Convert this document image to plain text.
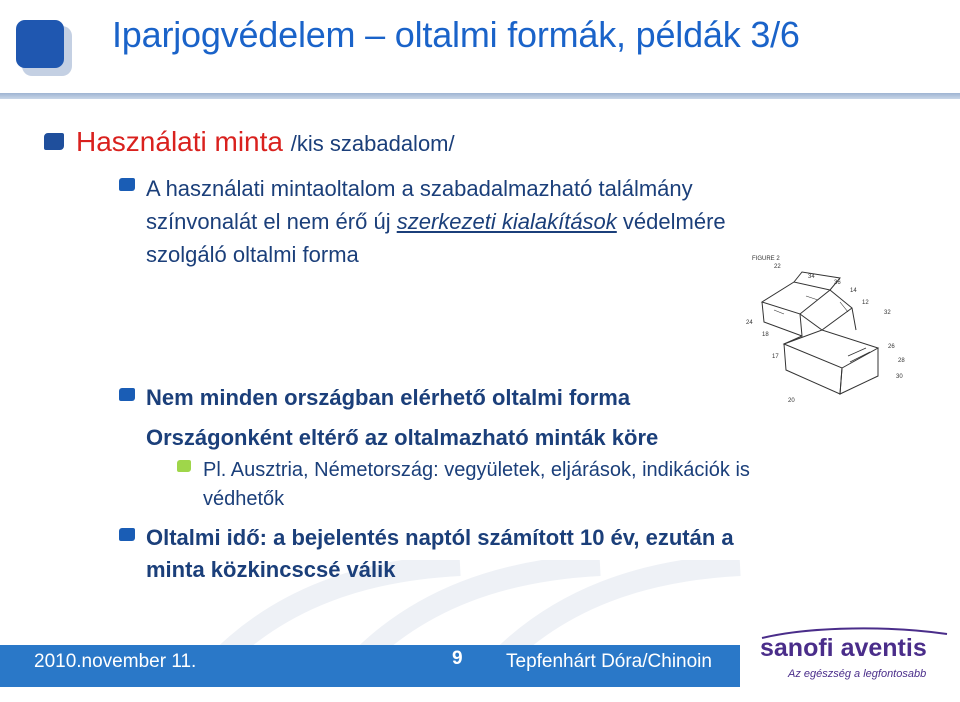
Iparjogvédelem – oltalmi formák, példák 3/6
Használati minta /kis szabadalom/
A használati mintaoltalom a szabadalmazható találmány
színvonalát el nem érő új szerkezeti kialakítások védelmére
szolgáló oltalmi forma	FIGURE 2
22
36
14
12
32
24
18
26
20
28
30
17
34
Nem minden országban elérhető oltalmi forma
Országonként eltérő az oltalmazható minták köre
Pl. Ausztria, Németország: vegyületek, eljárások, indikációk is
védhetők
Oltalmi idő: a bejelentés naptól számított 10 év, ezután a
minta közkincscsé válik
2010.november 11.	9 Tepfenhárt Dóra/Chinoin sanofi aventis
Az egészség a legfontosabb
